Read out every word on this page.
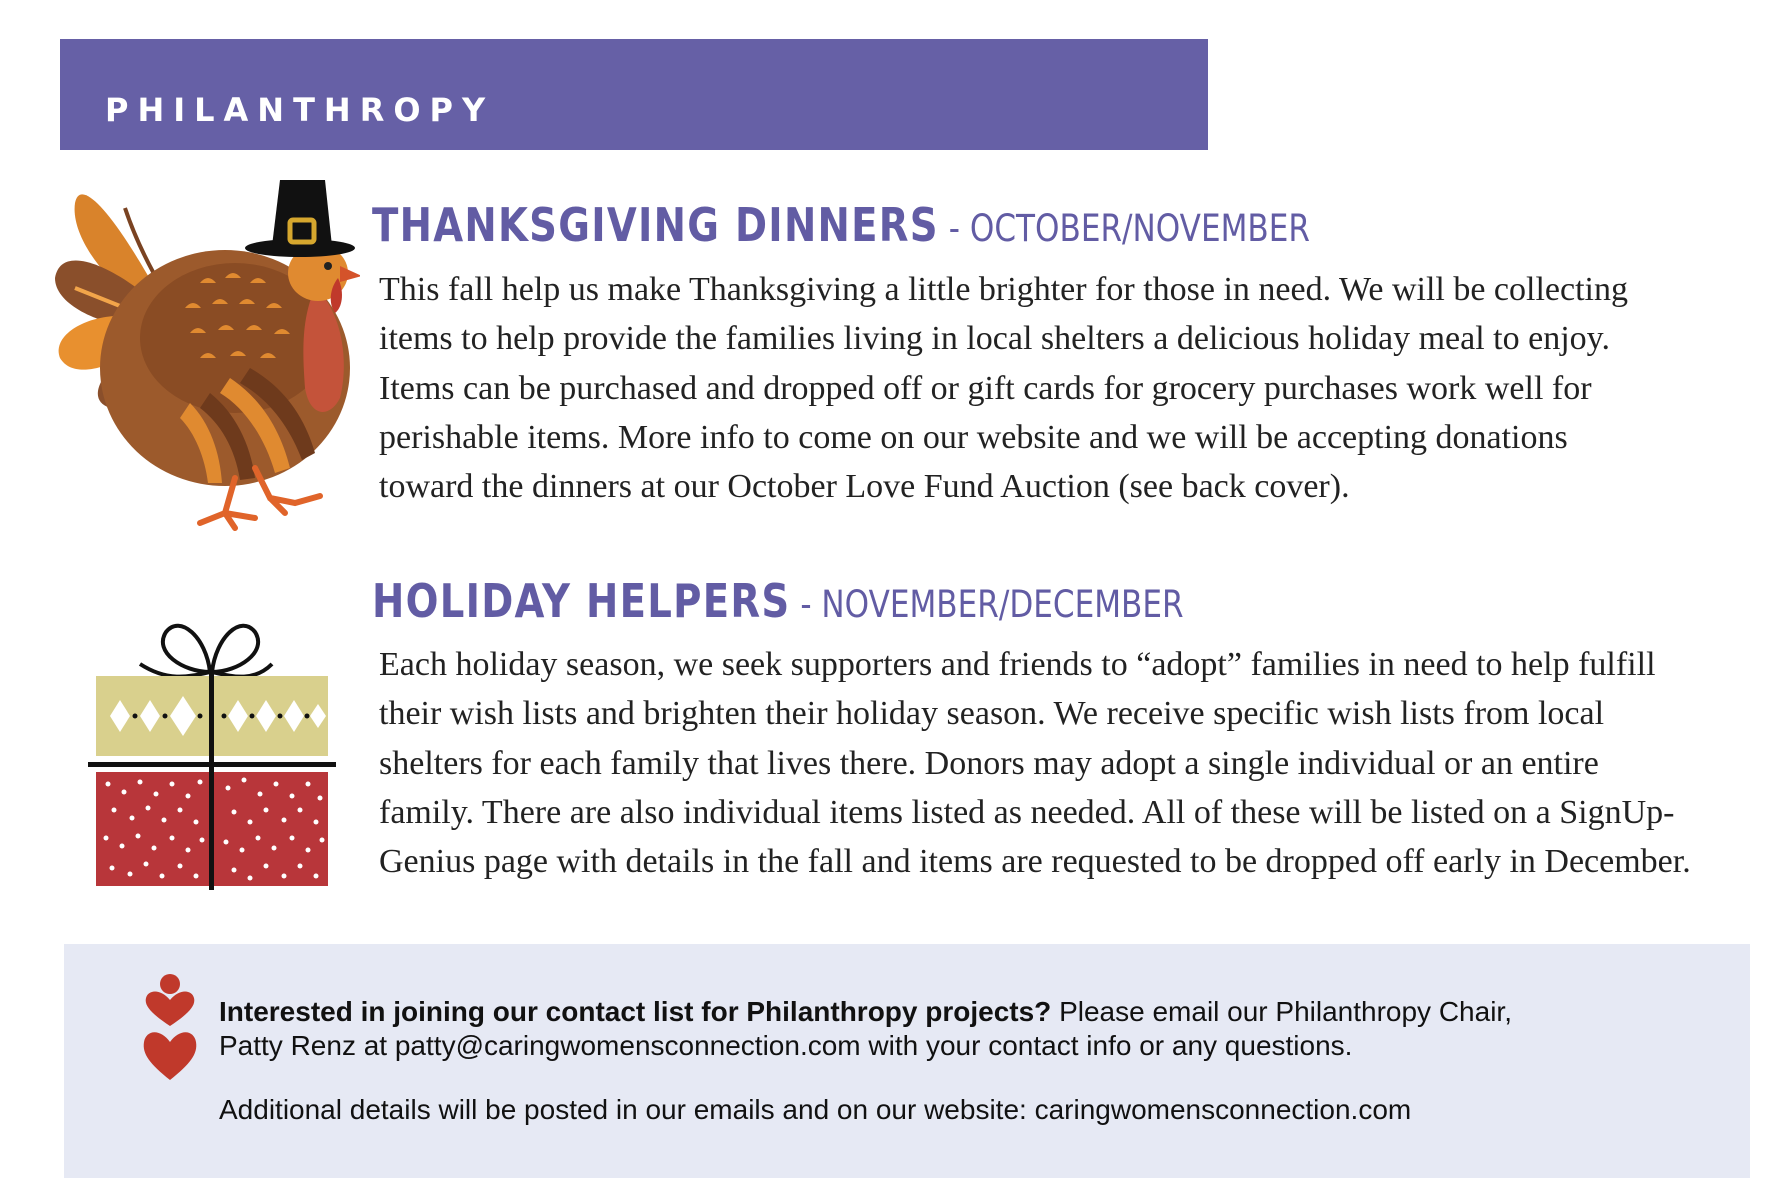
PHILANTHROPY
THANKSGIVING DINNERS - OCTOBER/NOVEMBER

This fall help us make Thanksgiving a little brighter for those in need. We will be collecting

items to help provide the families living in local shelters a delicious holiday meal to enjoy.

Items can be purchased and dropped off or gift cards for grocery purchases work well for

perishable items. More info to come on our website and we will be accepting donations

toward the dinners at our October Love Fund Auction (see back cover).

HOLIDAY HELPERS - NOVEMBER/DECEMBER

Each holiday season, we seek supporters and friends to “adopt” families in need to help fulfill

their wish lists and brighten their holiday season. We receive specific wish lists from local

shelters for each family that lives there. Donors may adopt a single individual or an entire

family. There are also individual items listed as needed. All of these will be listed on a SignUp-

Genius page with details in the fall and items are requested to be dropped off early in December.

Interested in joining our contact list for Philanthropy projects? Please email our Philanthropy Chair,
Patty Renz at patty@caringwomensconnection.com with your contact info or any questions.
Additional details will be posted in our emails and on our website: caringwomensconnection.com
